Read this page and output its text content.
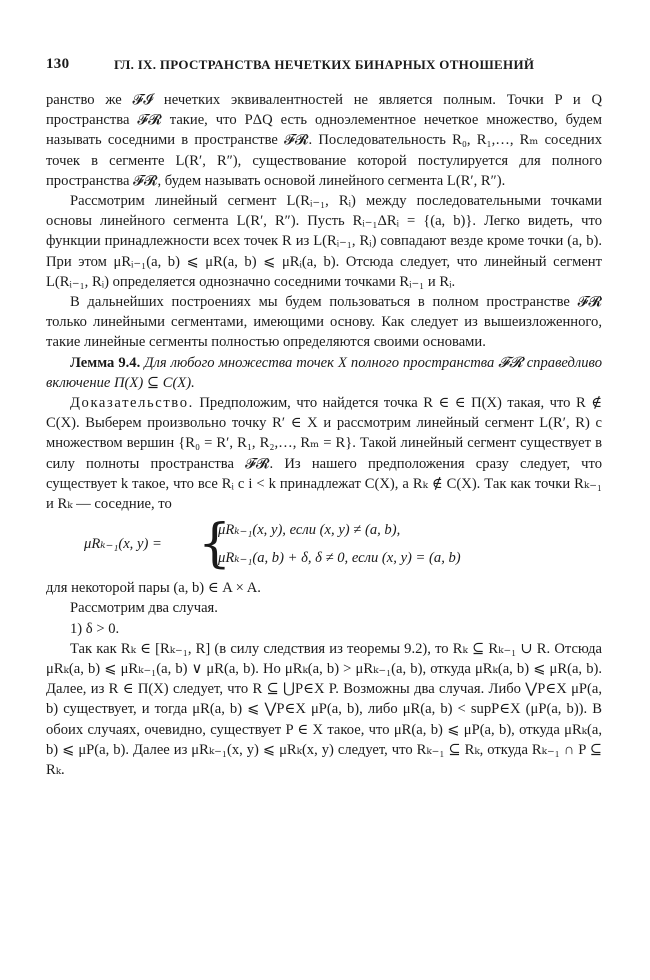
130	ГЛ. IX. ПРОСТРАНСТВА НЕЧЕТКИХ БИНАРНЫХ ОТНОШЕНИЙ

ранство же 𝓕𝓘 нечетких эквивалентностей не является полным. Точки P и Q пространства 𝓕𝓡 такие, что PΔQ есть одноэлементное нечеткое множество, будем называть соседними в пространстве 𝓕𝓡. Последовательность R₀, R₁,…, Rₘ соседних точек в сегменте L(R′, R″), существование которой постулируется для полного пространства 𝓕𝓡, будем называть основой линейного сегмента L(R′, R″).

Рассмотрим линейный сегмент L(Rᵢ₋₁, Rᵢ) между последовательными точками основы линейного сегмента L(R′, R″). Пусть Rᵢ₋₁ΔRᵢ = {(a, b)}. Легко видеть, что функции принадлежности всех точек R из L(Rᵢ₋₁, Rᵢ) совпадают везде кроме точки (a, b). При этом μRᵢ₋₁(a, b) ⩽ μR(a, b) ⩽ μRᵢ(a, b). Отсюда следует, что линейный сегмент L(Rᵢ₋₁, Rᵢ) определяется однозначно соседними точками Rᵢ₋₁ и Rᵢ.

В дальнейших построениях мы будем пользоваться в полном пространстве 𝓕𝓡 только линейными сегментами, имеющими основу. Как следует из вышеизложенного, такие линейные сегменты полностью определяются своими основами.

Лемма 9.4. Для любого множества точек X полного пространства 𝓕𝓡 справедливо включение Π(X) ⊆ C(X).

Доказательство. Предположим, что найдется точка R ∈ ∈ Π(X) такая, что R ∉ C(X). Выберем произвольно точку R′ ∈ X и рассмотрим линейный сегмент L(R′, R) с множеством вершин {R₀ = R′, R₁, R₂,…, Rₘ = R}. Такой линейный сегмент существует в силу полноты пространства 𝓕𝓡. Из нашего предположения сразу следует, что существует k такое, что все Rᵢ с i < k принадлежат C(X), а Rₖ ∉ C(X). Так как точки Rₖ₋₁ и Rₖ — соседние, то

μRₖ₋₁(x, y) = {
μRₖ₋₁(x, y), если (x, y) ≠ (a, b),
μRₖ₋₁(a, b) + δ, δ ≠ 0, если (x, y) = (a, b)

для некоторой пары (a, b) ∈ A × A.

Рассмотрим два случая.

1) δ > 0.

Так как Rₖ ∈ [Rₖ₋₁, R] (в силу следствия из теоремы 9.2), то Rₖ ⊆ Rₖ₋₁ ∪ R. Отсюда μRₖ(a, b) ⩽ μRₖ₋₁(a, b) ∨ μR(a, b). Но μRₖ(a, b) > μRₖ₋₁(a, b), откуда μRₖ(a, b) ⩽ μR(a, b). Далее, из R ∈ Π(X) следует, что R ⊆ ⋃P∈X P. Возможны два случая. Либо ⋁P∈X μP(a, b) существует, и тогда μR(a, b) ⩽ ⋁P∈X μP(a, b), либо μR(a, b) < supP∈X (μP(a, b)). В обоих случаях, очевидно, существует P ∈ X такое, что μR(a, b) ⩽ μP(a, b), откуда μRₖ(a, b) ⩽ μP(a, b). Далее из μRₖ₋₁(x, y) ⩽ μRₖ(x, y) следует, что Rₖ₋₁ ⊆ Rₖ, откуда Rₖ₋₁ ∩ P ⊆ Rₖ.
